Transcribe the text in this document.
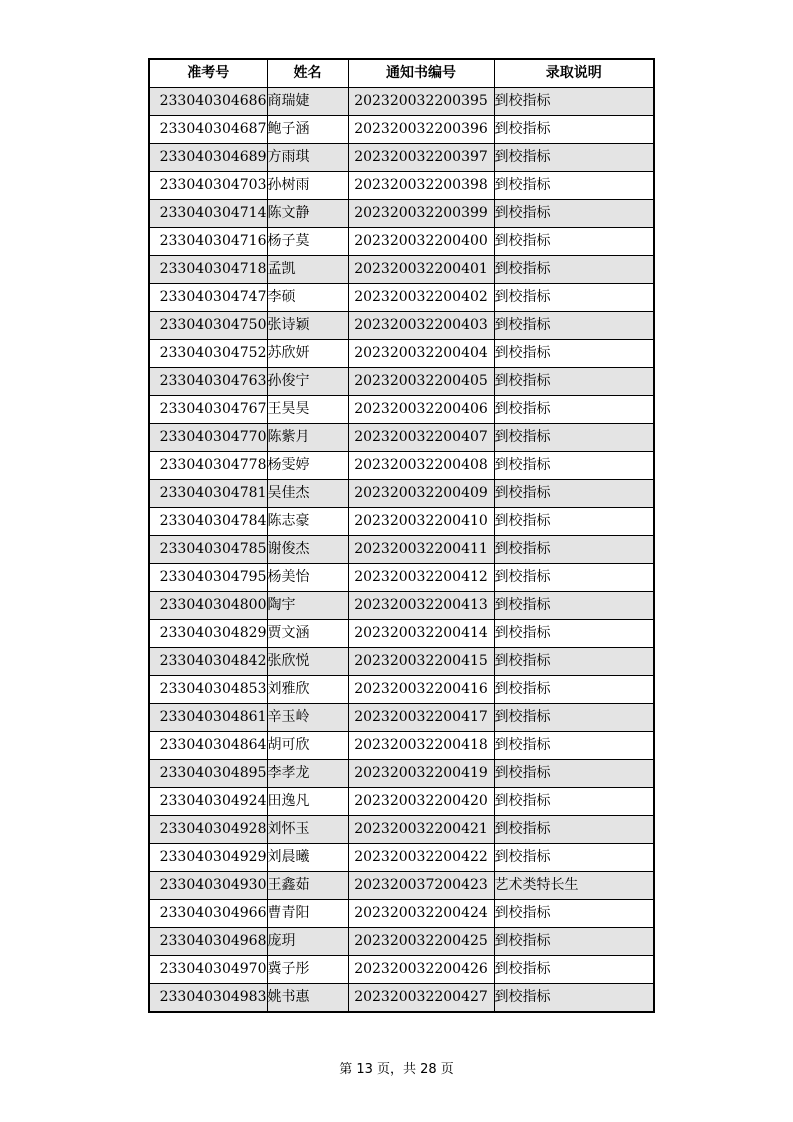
准考号	姓名	通知书编号	录取说明
233040304686	商瑞婕	202320032200395	到校指标
233040304687	鲍子涵	202320032200396	到校指标
233040304689	方雨琪	202320032200397	到校指标
233040304703	孙树雨	202320032200398	到校指标
233040304714	陈文静	202320032200399	到校指标
233040304716	杨子莫	202320032200400	到校指标
233040304718	孟凯	202320032200401	到校指标
233040304747	李硕	202320032200402	到校指标
233040304750	张诗颖	202320032200403	到校指标
233040304752	苏欣妍	202320032200404	到校指标
233040304763	孙俊宁	202320032200405	到校指标
233040304767	王昊昊	202320032200406	到校指标
233040304770	陈紫月	202320032200407	到校指标
233040304778	杨雯婷	202320032200408	到校指标
233040304781	吴佳杰	202320032200409	到校指标
233040304784	陈志豪	202320032200410	到校指标
233040304785	谢俊杰	202320032200411	到校指标
233040304795	杨美怡	202320032200412	到校指标
233040304800	陶宇	202320032200413	到校指标
233040304829	贾文涵	202320032200414	到校指标
233040304842	张欣悦	202320032200415	到校指标
233040304853	刘雅欣	202320032200416	到校指标
233040304861	辛玉岭	202320032200417	到校指标
233040304864	胡可欣	202320032200418	到校指标
233040304895	李孝龙	202320032200419	到校指标
233040304924	田逸凡	202320032200420	到校指标
233040304928	刘怀玉	202320032200421	到校指标
233040304929	刘晨曦	202320032200422	到校指标
233040304930	王鑫茹	202320037200423	艺术类特长生
233040304966	曹青阳	202320032200424	到校指标
233040304968	庞玥	202320032200425	到校指标
233040304970	冀子彤	202320032200426	到校指标
233040304983	姚书惠	202320032200427	到校指标
第 13 页，共 28 页
